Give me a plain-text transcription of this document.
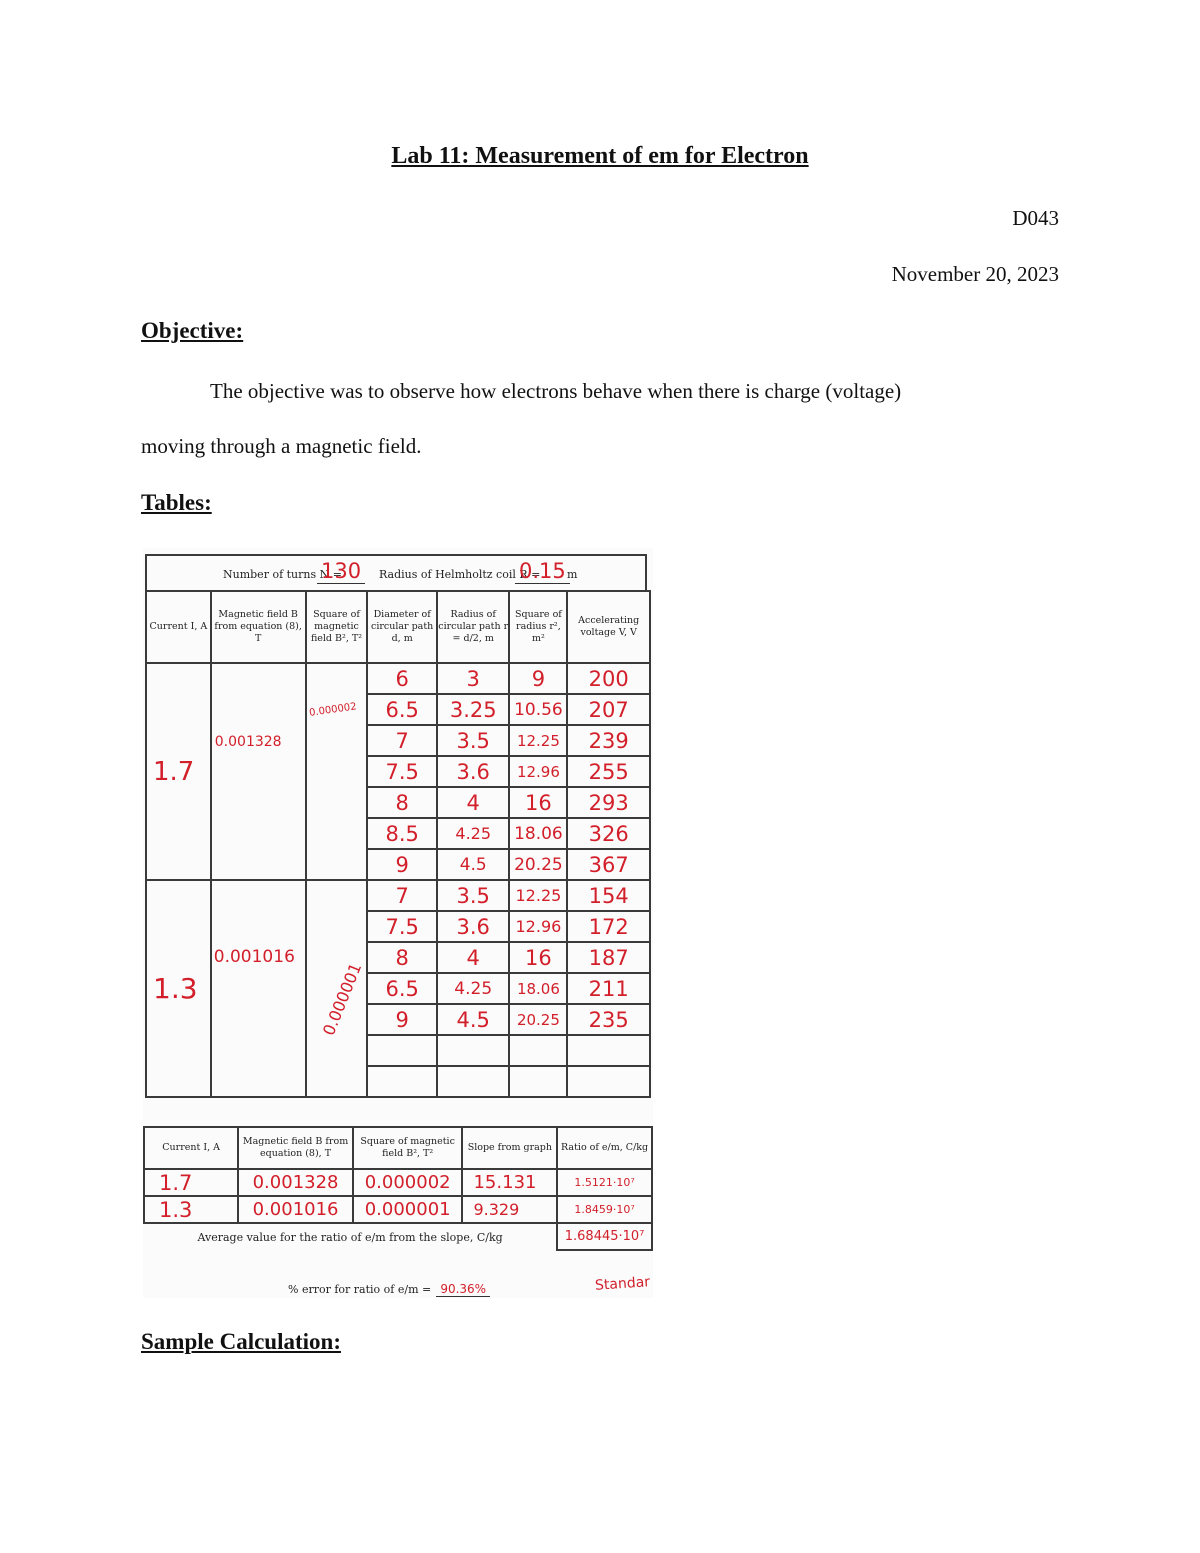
Lab 11: Measurement of em for Electron
D043
November 20, 2023
Objective:
The objective was to observe how electrons behave when there is charge (voltage)
moving through a magnetic field.
Tables:
Number of turns N =
130	Radius of Helmholtz coil R =
0.15 m
Current I, A	Magnetic field B from equation (8), T	Square of magnetic field B², T²	Diameter of circular path d, m	Radius of circular path r = d/2, m	Square of radius r², m²	Accelerating voltage V, V
1.7	0.001328	0.000002	6	3	9	200
			6.5	3.25	10.56	207
			7	3.5	12.25	239
			7.5	3.6	12.96	255
			8	4	16	293
			8.5	4.25	18.06	326
			9	4.5	20.25	367
1.3	0.001016	0.000001	7	3.5	12.25	154
			7.5	3.6	12.96	172
			8	4	16	187
			6.5	4.25	18.06	211
			9	4.5	20.25	235

Current I, A	Magnetic field B from equation (8), T	Square of magnetic field B², T²	Slope from graph	Ratio of e/m, C/kg
1.7	0.001328	0.000002	15.131	1.5121·10⁷
1.3	0.001016	0.000001	9.329	1.8459·10⁷
Average value for the ratio of e/m from the slope, C/kg				1.68445·10⁷
% error for ratio of e/m = 90.36%	Standar
Sample Calculation:
